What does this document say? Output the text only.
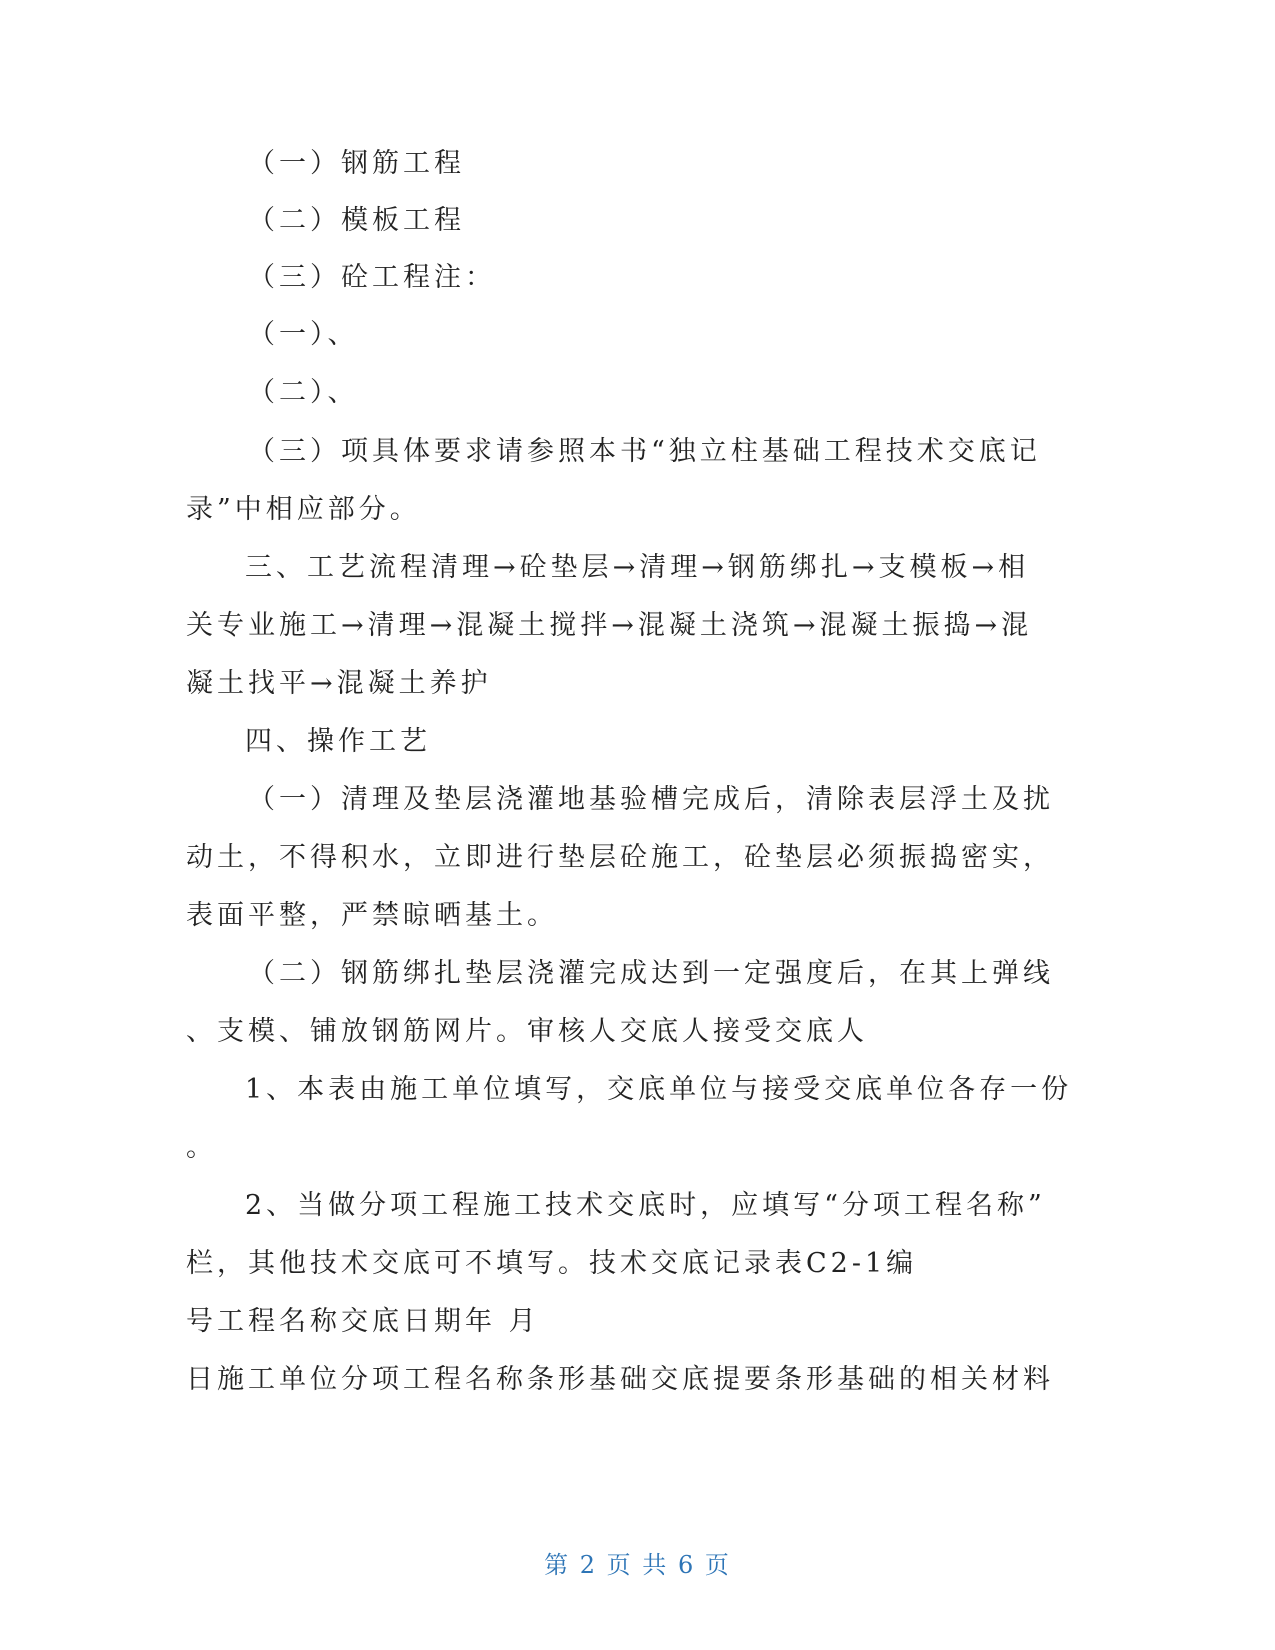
（一）钢筋工程
（二）模板工程
（三）砼工程注：
（一）、
（二）、
（三）项具体要求请参照本书“独立柱基础工程技术交底记
录”中相应部分。
三、工艺流程清理→砼垫层→清理→钢筋绑扎→支模板→相
关专业施工→清理→混凝土搅拌→混凝土浇筑→混凝土振捣→混
凝土找平→混凝土养护
四、操作工艺
（一）清理及垫层浇灌地基验槽完成后，清除表层浮土及扰
动土，不得积水，立即进行垫层砼施工，砼垫层必须振捣密实，
表面平整，严禁晾晒基土。
（二）钢筋绑扎垫层浇灌完成达到一定强度后，在其上弹线
、支模、铺放钢筋网片。审核人交底人接受交底人
1、本表由施工单位填写，交底单位与接受交底单位各存一份
。
2、当做分项工程施工技术交底时，应填写“分项工程名称”
栏，其他技术交底可不填写。技术交底记录表C2-1编
号工程名称交底日期年 月
日施工单位分项工程名称条形基础交底提要条形基础的相关材料
第 2 页 共 6 页
